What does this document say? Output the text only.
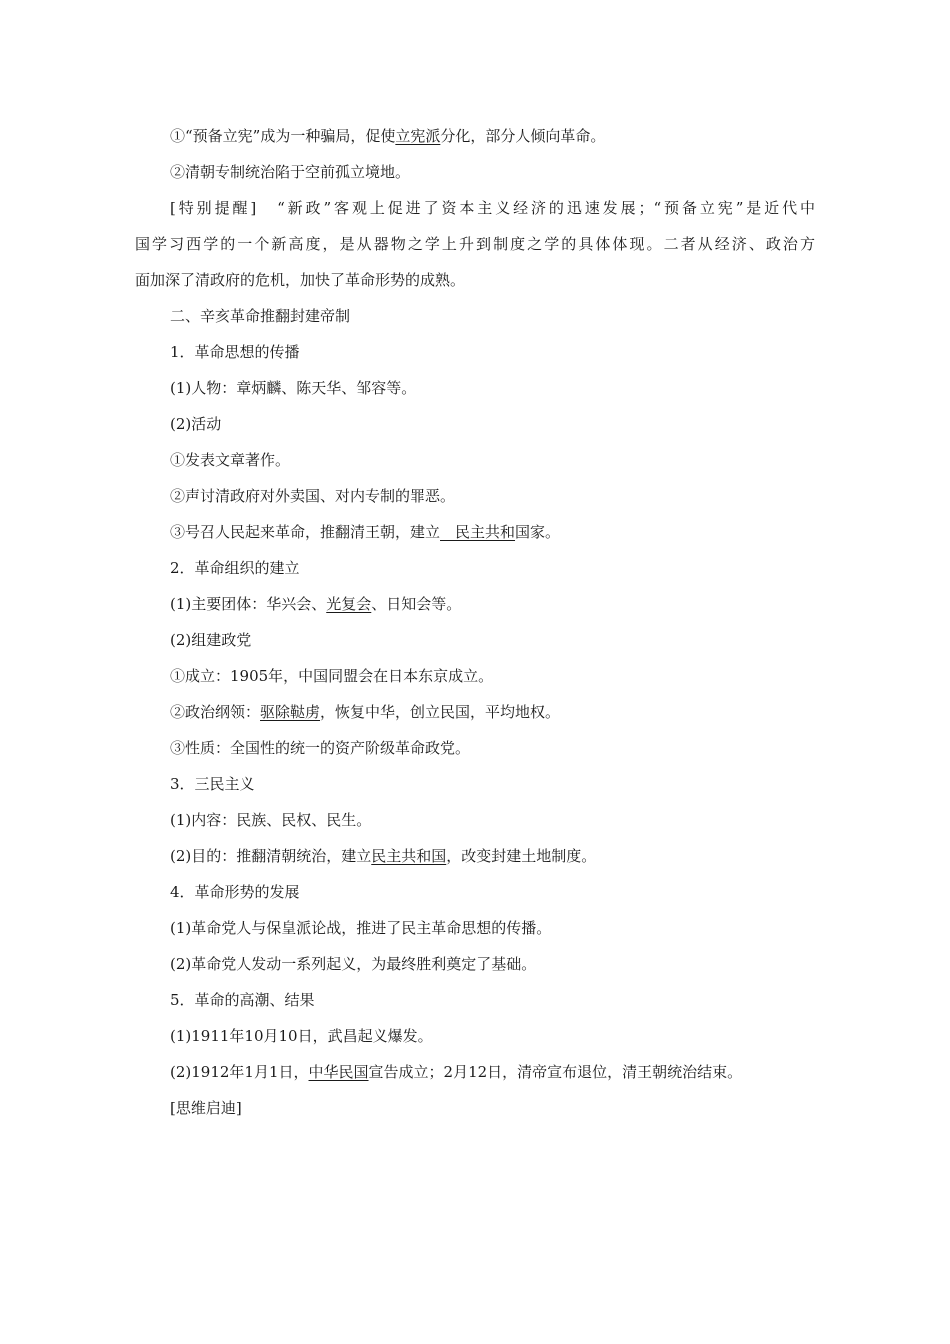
①“预备立宪”成为一种骗局，促使立宪派分化，部分人倾向革命。
②清朝专制统治陷于空前孤立境地。
[特别提醒]　“新政”客观上促进了资本主义经济的迅速发展；“预备立宪”是近代中
国学习西学的一个新高度，是从器物之学上升到制度之学的具体体现。二者从经济、政治方
面加深了清政府的危机，加快了革命形势的成熟。
二、辛亥革命推翻封建帝制
1．革命思想的传播
(1)人物：章炳麟、陈天华、邹容等。
(2)活动
①发表文章著作。
②声讨清政府对外卖国、对内专制的罪恶。
③号召人民起来革命，推翻清王朝，建立　民主共和国家。
2．革命组织的建立
(1)主要团体：华兴会、光复会、日知会等。
(2)组建政党
①成立：1905年，中国同盟会在日本东京成立。
②政治纲领：驱除鞑虏，恢复中华，创立民国，平均地权。
③性质：全国性的统一的资产阶级革命政党。
3．三民主义
(1)内容：民族、民权、民生。
(2)目的：推翻清朝统治，建立民主共和国，改变封建土地制度。
4．革命形势的发展
(1)革命党人与保皇派论战，推进了民主革命思想的传播。
(2)革命党人发动一系列起义，为最终胜利奠定了基础。
5．革命的高潮、结果
(1)1911年10月10日，武昌起义爆发。
(2)1912年1月1日，中华民国宣告成立；2月12日，清帝宣布退位，清王朝统治结束。
[思维启迪]
